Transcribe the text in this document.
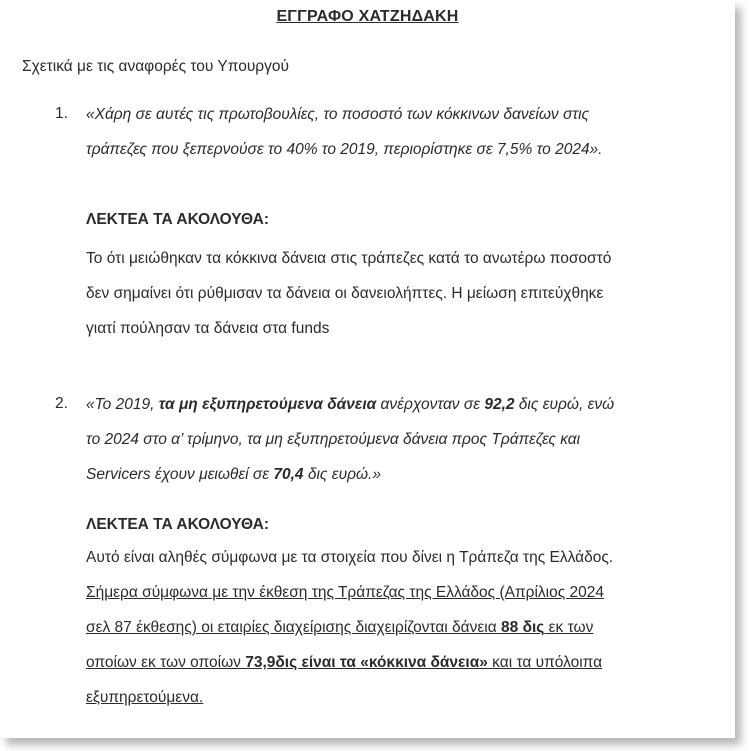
ΕΓΓΡΑΦΟ ΧΑΤΖΗΔΑΚΗ
Σχετικά με τις αναφορές του Υπουργού
1. «Χάρη σε αυτές τις πρωτοβουλίες, το ποσοστό των κόκκινων δανείων στις
τράπεζες που ξεπερνούσε το 40% το 2019, περιορίστηκε σε 7,5% το 2024».
ΛΕΚΤΕΑ ΤΑ ΑΚΟΛΟΥΘΑ:
Το ότι μειώθηκαν τα κόκκινα δάνεια στις τράπεζες κατά το ανωτέρω ποσοστό
δεν σημαίνει ότι ρύθμισαν τα δάνεια οι δανειολήπτες. Η μείωση επιτεύχθηκε
γιατί πούλησαν τα δάνεια στα funds
2. «Το 2019, τα μη εξυπηρετούμενα δάνεια ανέρχονταν σε 92,2 δις ευρώ, ενώ
το 2024 στο α’ τρίμηνο, τα μη εξυπηρετούμενα δάνεια προς Τράπεζες και
Servicers έχουν μειωθεί σε 70,4 δις ευρώ.»
ΛΕΚΤΕΑ ΤΑ ΑΚΟΛΟΥΘΑ:
Αυτό είναι αληθές σύμφωνα με τα στοιχεία που δίνει η Τράπεζα της Ελλάδος.
Σήμερα σύμφωνα με την έκθεση της Τράπεζας της Ελλάδος (Απρίλιος 2024
σελ 87 έκθεσης) οι εταιρίες διαχείρισης διαχειρίζονται δάνεια 88 δις εκ των
οποίων εκ των οποίων 73,9δις είναι τα «κόκκινα δάνεια» και τα υπόλοιπα
εξυπηρετούμενα.
